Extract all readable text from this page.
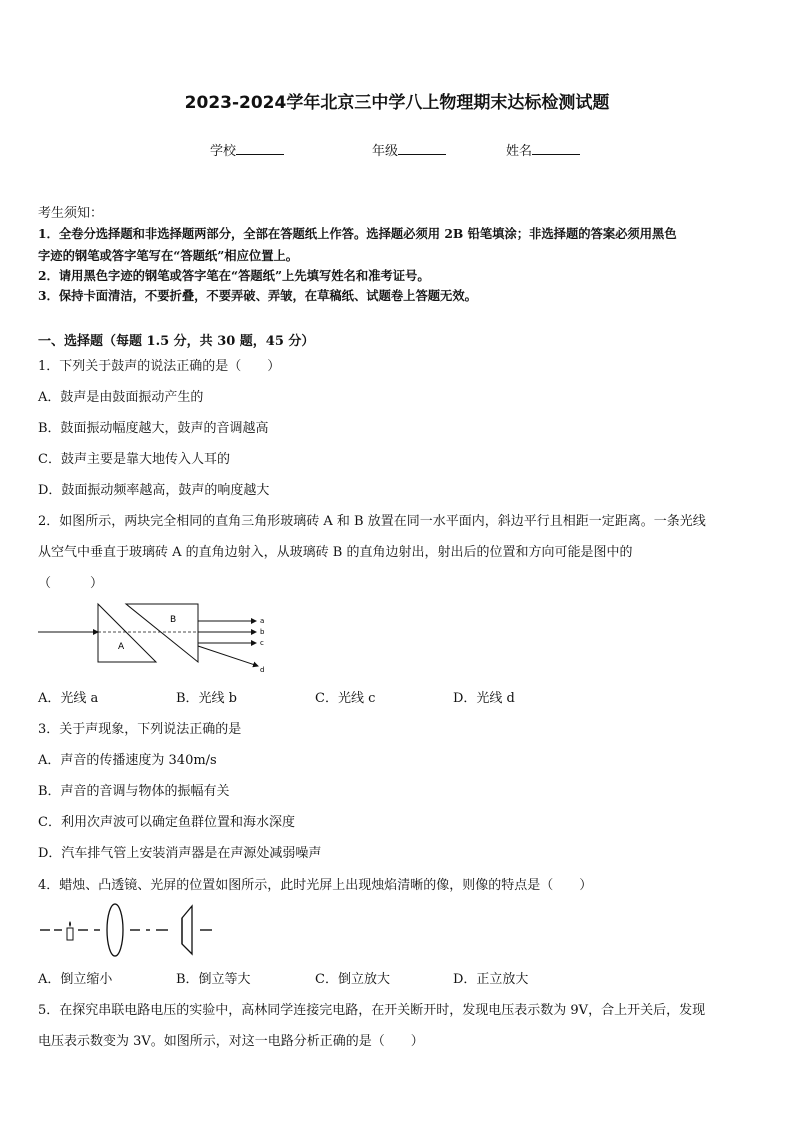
2023-2024学年北京三中学八上物理期末达标检测试题
学校	年级	姓名
考生须知：
1．全卷分选择题和非选择题两部分，全部在答题纸上作答。选择题必须用 2B 铅笔填涂；非选择题的答案必须用黑色
字迹的钢笔或答字笔写在“答题纸”相应位置上。
2．请用黑色字迹的钢笔或答字笔在“答题纸”上先填写姓名和准考证号。
3．保持卡面清洁，不要折叠，不要弄破、弄皱，在草稿纸、试题卷上答题无效。
一、选择题（每题 1.5 分，共 30 题，45 分）
1．下列关于鼓声的说法正确的是（　　）
A．鼓声是由鼓面振动产生的
B．鼓面振动幅度越大，鼓声的音调越高
C．鼓声主要是靠大地传入人耳的
D．鼓面振动频率越高，鼓声的响度越大
2．如图所示，两块完全相同的直角三角形玻璃砖 A 和 B 放置在同一水平面内，斜边平行且相距一定距离。一条光线
从空气中垂直于玻璃砖 A 的直角边射入，从玻璃砖 B 的直角边射出，射出后的位置和方向可能是图中的
（　　　）
A
B	a
b
c
d
A．光线 a	B．光线 b	C．光线 c	D．光线 d
3．关于声现象，下列说法正确的是
A．声音的传播速度为 340m/s
B．声音的音调与物体的振幅有关
C．利用次声波可以确定鱼群位置和海水深度
D．汽车排气管上安装消声器是在声源处减弱噪声
4．蜡烛、凸透镜、光屏的位置如图所示，此时光屏上出现烛焰清晰的像，则像的特点是（　　）
A．倒立缩小	B．倒立等大	C．倒立放大	D．正立放大
5．在探究串联电路电压的实验中，高林同学连接完电路，在开关断开时，发现电压表示数为 9V，合上开关后，发现
电压表示数变为 3V。如图所示，对这一电路分析正确的是（　　）
